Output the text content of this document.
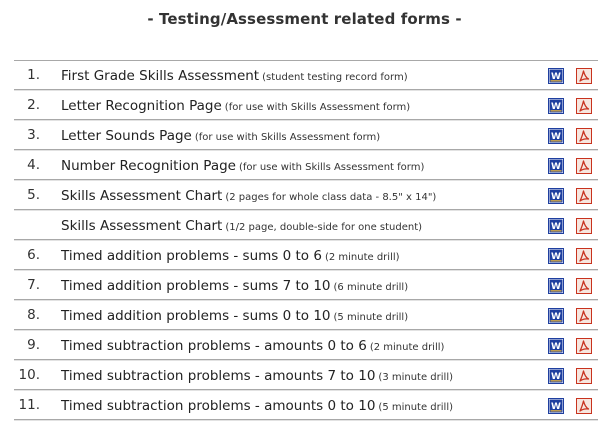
- Testing/Assessment related forms -
1. First Grade Skills Assessment (student testing record form)	W
2. Letter Recognition Page (for use with Skills Assessment form)	W
3. Letter Sounds Page (for use with Skills Assessment form)	W
4. Number Recognition Page (for use with Skills Assessment form)	W
5. Skills Assessment Chart (2 pages for whole class data - 8.5" x 14")	W
Skills Assessment Chart (1/2 page, double-side for one student)	W
6. Timed addition problems - sums 0 to 6 (2 minute drill)	W
7. Timed addition problems - sums 7 to 10 (6 minute drill)	W
8. Timed addition problems - sums 0 to 10 (5 minute drill)	W
9. Timed subtraction problems - amounts 0 to 6 (2 minute drill)	W
10. Timed subtraction problems - amounts 7 to 10 (3 minute drill)	W
11. Timed subtraction problems - amounts 0 to 10 (5 minute drill)	W
